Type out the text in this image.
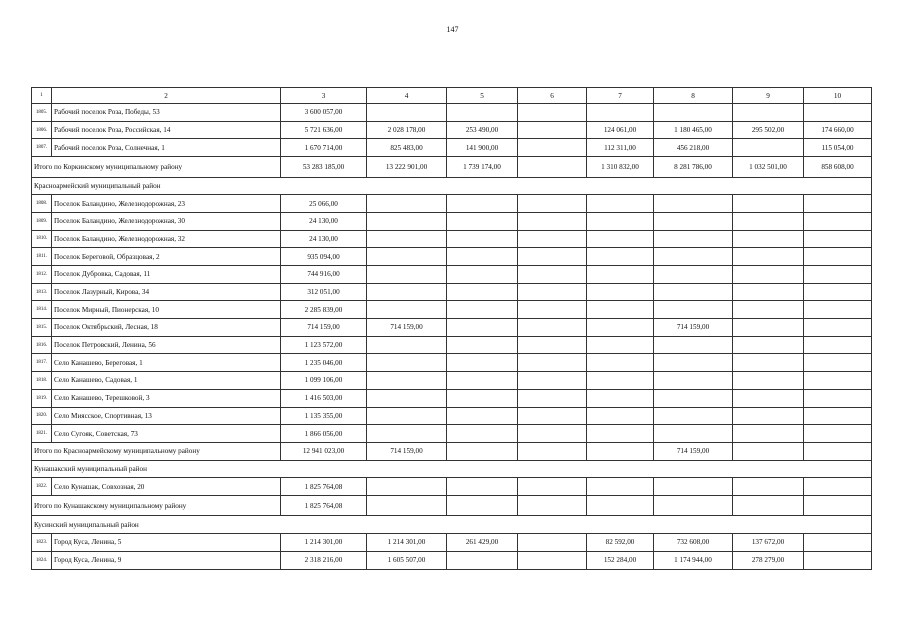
147
1	2	3	4	5	6	7	8	9	10
1805.	Рабочий поселок Роза, Победы, 53	3 600 057,00							
1806.	Рабочий поселок Роза, Российская, 14	5 721 636,00	2 028 178,00	253 490,00		124 061,00	1 180 465,00	295 502,00	174 660,00
1807.	Рабочий поселок Роза, Солнечная, 1	1 670 714,00	825 483,00	141 900,00		112 311,00	456 218,00		115 054,00
Итого по Коркинскому муниципальному району		53 283 185,00	13 222 901,00	1 739 174,00		1 310 832,00	8 281 786,00	1 032 501,00	858 608,00
Красноармейский муниципальный район									
1808.	Поселок Баландино, Железнодорожная, 23	25 066,00							
1809.	Поселок Баландино, Железнодорожная, 30	24 130,00							
1810.	Поселок Баландино, Железнодорожная, 32	24 130,00							
1811.	Поселок Береговой, Образцовая, 2	935 094,00							
1812.	Поселок Дубровка, Садовая, 11	744 916,00							
1813.	Поселок Лазурный, Кирова, 34	312 051,00							
1814.	Поселок Мирный, Пионерская, 10	2 285 839,00							
1815.	Поселок Октябрьский, Лесная, 18	714 159,00	714 159,00				714 159,00		
1816.	Поселок Петровский, Ленина, 56	1 123 572,00							
1817.	Село Канашево, Береговая, 1	1 235 046,00							
1818.	Село Канашево, Садовая, 1	1 099 106,00							
1819.	Село Канашево, Терешковой, 3	1 416 503,00							
1820.	Село Мияcское, Спортивная, 13	1 135 355,00							
1821.	Село Сугояк, Советская, 73	1 866 056,00							
Итого по Красноармейскому муниципальному району		12 941 023,00	714 159,00				714 159,00		
Кунашакский муниципальный район									
1822.	Село Кунашак, Совхозная, 20	1 825 764,08							
Итого по Кунашакскому муниципальному району		1 825 764,08							
Кусинский муниципальный район									
1823.	Город Куса, Ленина, 5	1 214 301,00	1 214 301,00	261 429,00		82 592,00	732 608,00	137 672,00	
1824.	Город Куса, Ленина, 9	2 318 216,00	1 605 507,00			152 284,00	1 174 944,00	278 279,00	
